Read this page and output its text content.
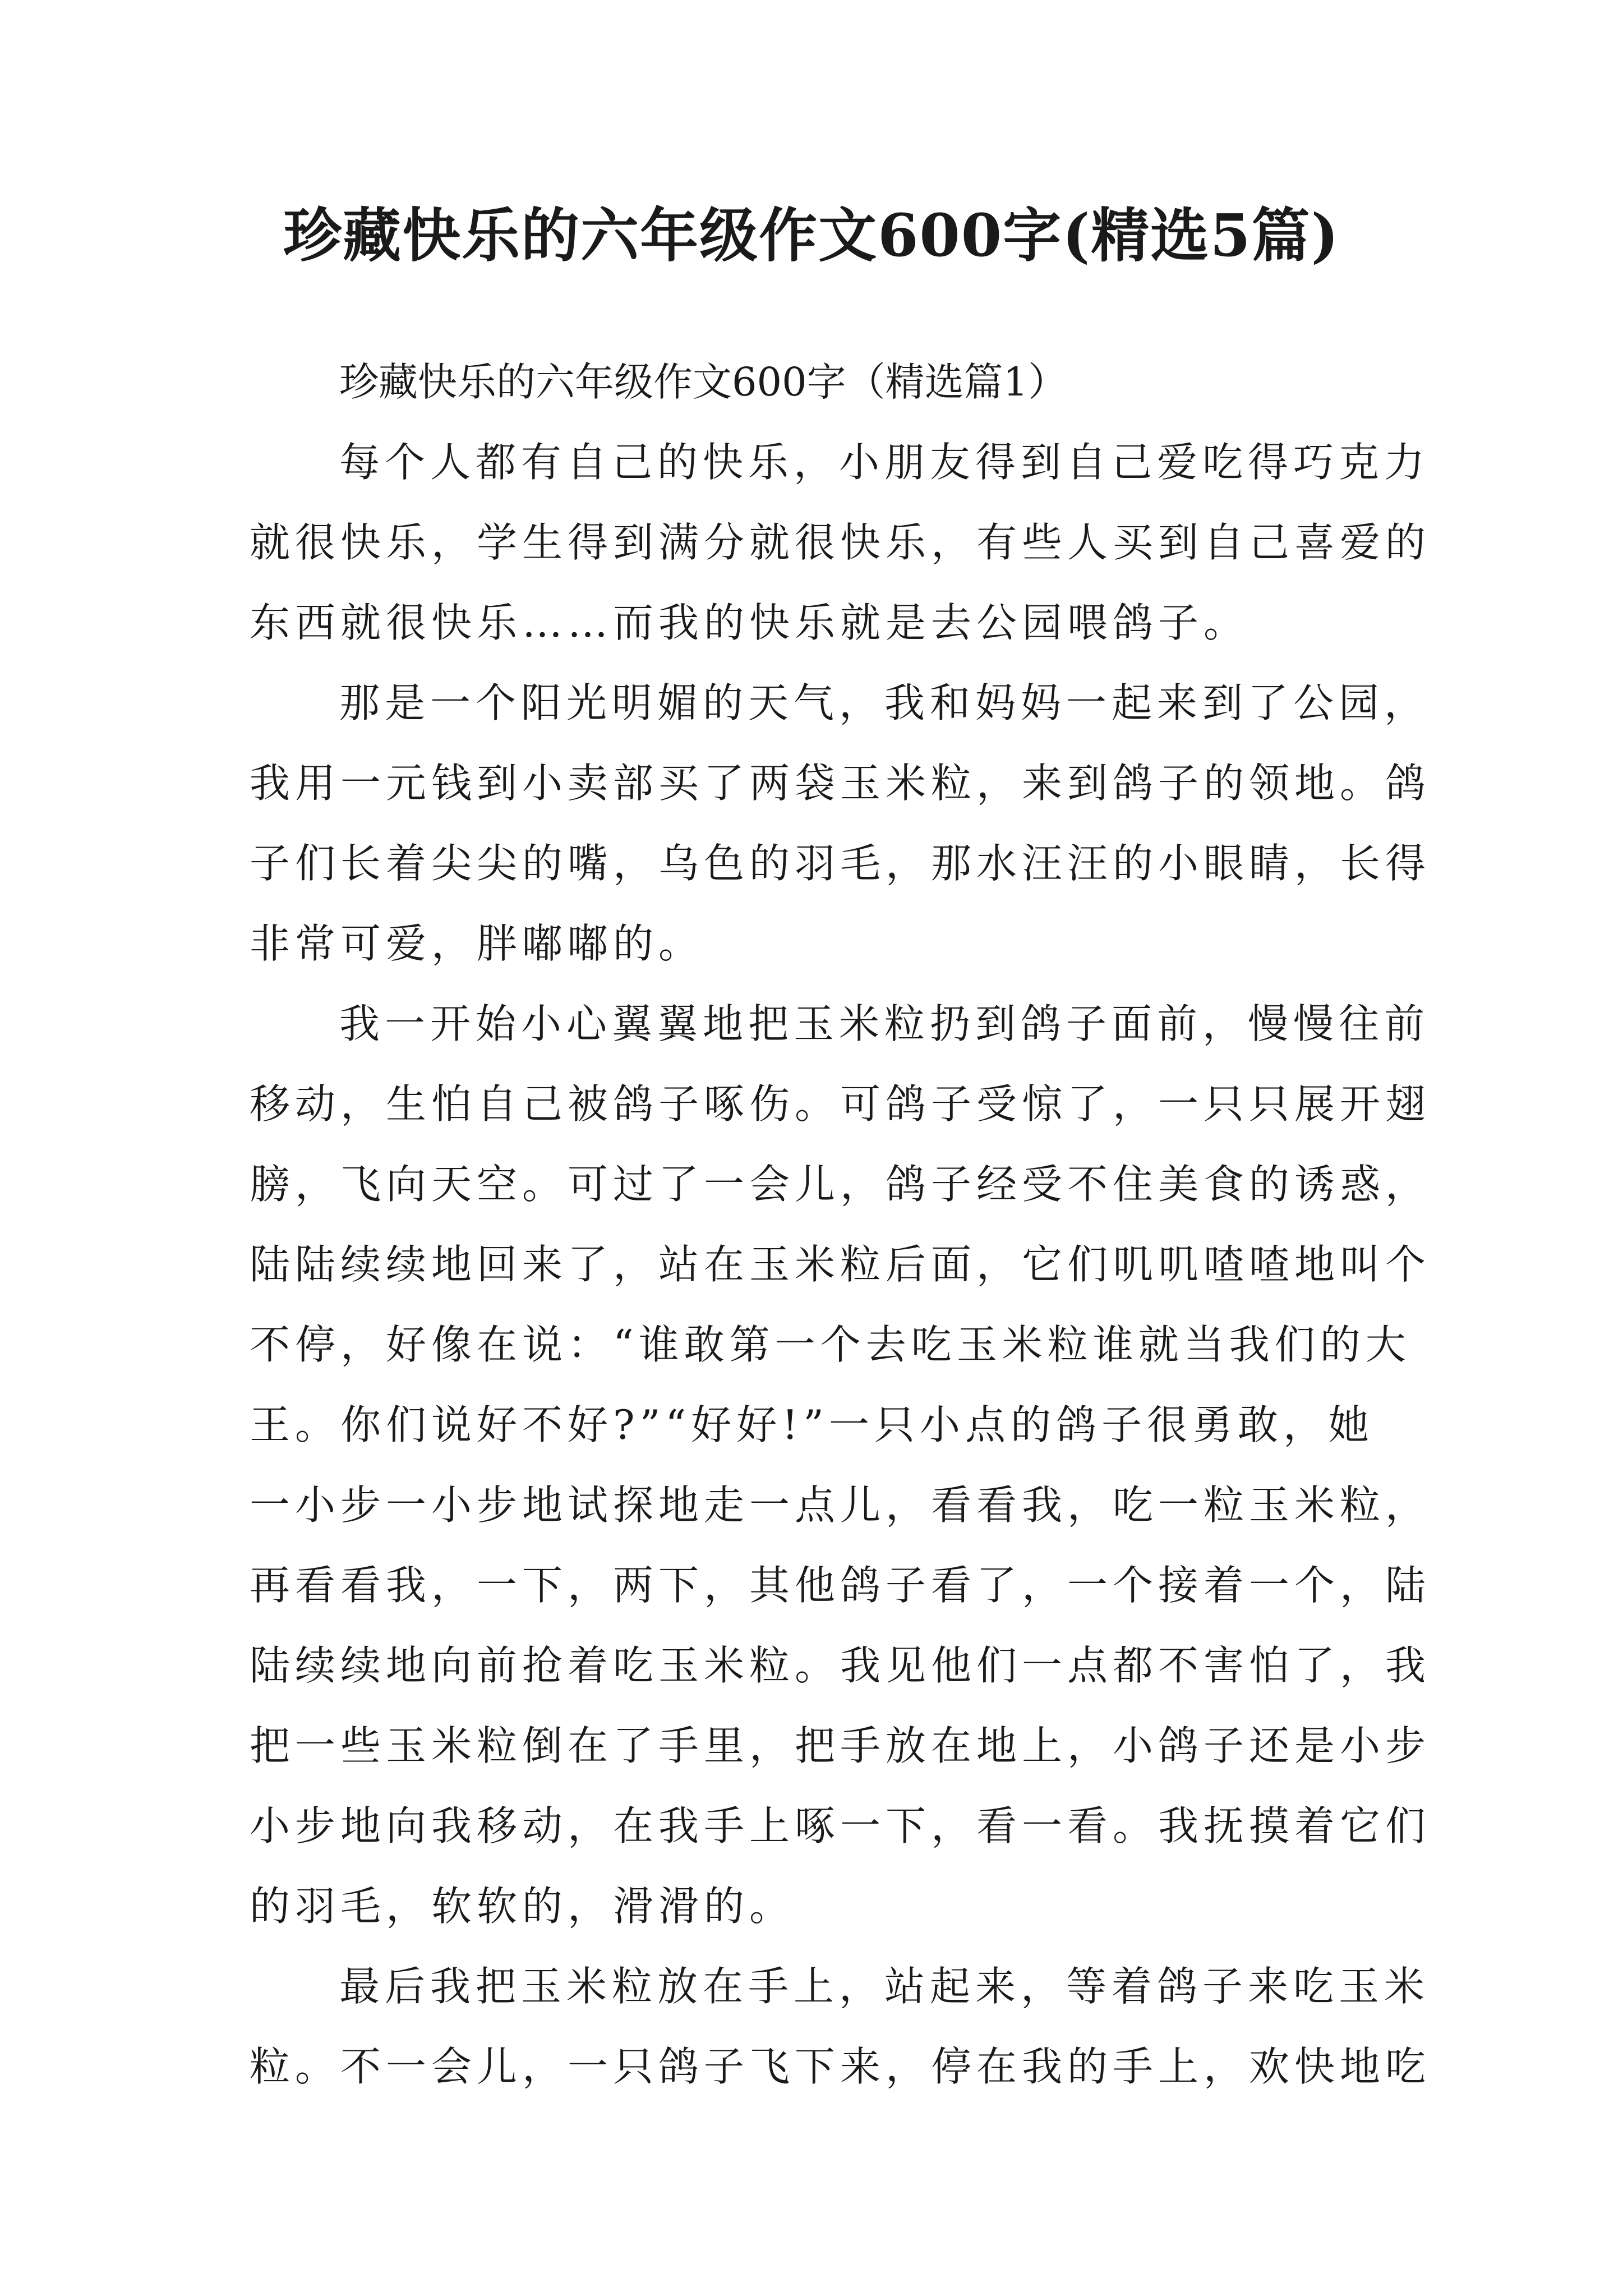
珍藏快乐的六年级作文600字(精选5篇)

珍藏快乐的六年级作文600字（精选篇1）

每个人都有自己的快乐，小朋友得到自己爱吃得巧克力
就很快乐，学生得到满分就很快乐，有些人买到自己喜爱的
东西就很快乐……而我的快乐就是去公园喂鸽子。

那是一个阳光明媚的天气，我和妈妈一起来到了公园，
我用一元钱到小卖部买了两袋玉米粒，来到鸽子的领地。鸽
子们长着尖尖的嘴，乌色的羽毛，那水汪汪的小眼睛，长得
非常可爱，胖嘟嘟的。

我一开始小心翼翼地把玉米粒扔到鸽子面前，慢慢往前
移动，生怕自己被鸽子啄伤。可鸽子受惊了，一只只展开翅
膀，飞向天空。可过了一会儿，鸽子经受不住美食的诱惑，
陆陆续续地回来了，站在玉米粒后面，它们叽叽喳喳地叫个
不停，好像在说：“谁敢第一个去吃玉米粒谁就当我们的大
王。你们说好不好?”“好好!”一只小点的鸽子很勇敢，她
一小步一小步地试探地走一点儿，看看我，吃一粒玉米粒，
再看看我，一下，两下，其他鸽子看了，一个接着一个，陆
陆续续地向前抢着吃玉米粒。我见他们一点都不害怕了，我
把一些玉米粒倒在了手里，把手放在地上，小鸽子还是小步
小步地向我移动，在我手上啄一下，看一看。我抚摸着它们
的羽毛，软软的，滑滑的。

最后我把玉米粒放在手上，站起来，等着鸽子来吃玉米
粒。不一会儿，一只鸽子飞下来，停在我的手上，欢快地吃
